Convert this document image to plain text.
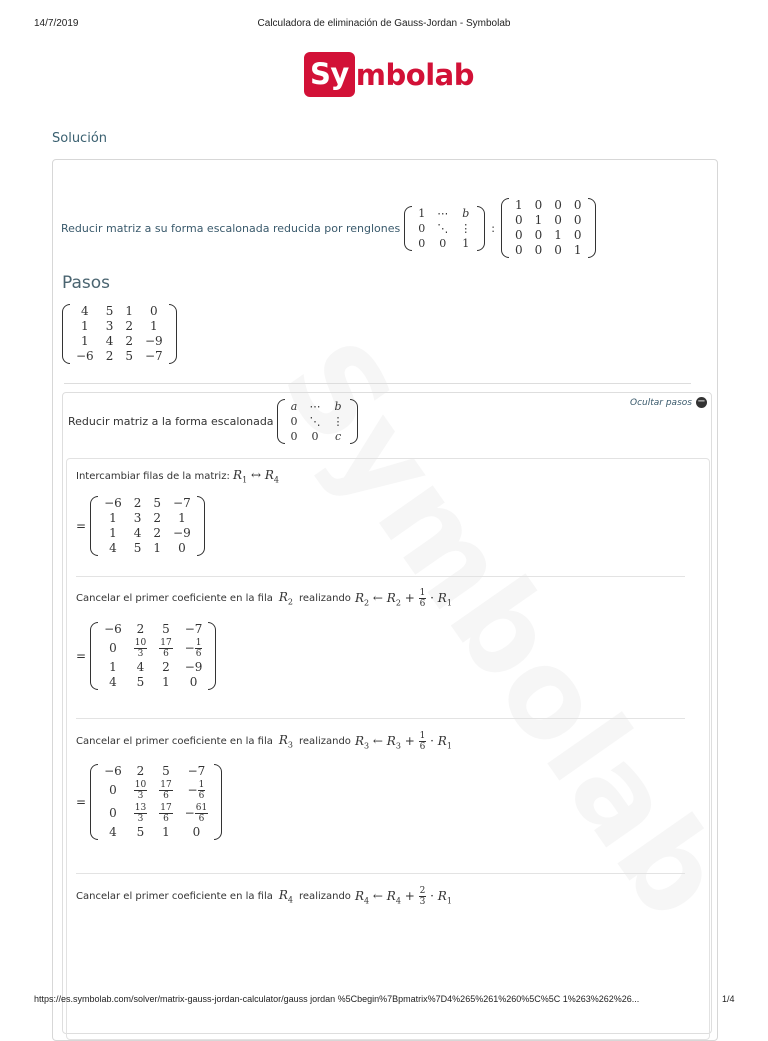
14/7/2019	Calculadora de eliminación de Gauss-Jordan - Symbolab
Sy mbolab
Solución
Reducir matriz a su forma escalonada reducida por renglones
1	⋯	b
0	⋱	⋮
0	0	1
:
1	0	0	0
0	1	0	0
0	0	1	0
0	0	0	1
Pasos
4	5	1	0
1	3	2	1
1	4	2	−9
−6	2	5	−7
Ocultar pasos −
Reducir matriz a la forma escalonada
a	⋯	b
0	⋱	⋮
0	0	c
Intercambiar filas de la matriz: $R_1$ ↔ $R_4$
=
−6	2	5	−7
1	3	2	1
1	4	2	−9
4	5	1	0
Cancelar el primer coeficiente en la fila $R_2$ realizando $R_2$ ← $R_2 + \frac{1}{6} \cdot R_1$
=
−6	2	5	−7
0	$\frac{10}{3}$	$\frac{17}{6}$	− $\frac{1}{6}$

1	4	2	−9
4	5	1	0
Cancelar el primer coeficiente en la fila $R_3$ realizando $R_3$ ← $R_3 + \frac{1}{6} \cdot R_1$
=
−6	2	5	−7
0	$\frac{10}{3}$	$\frac{17}{6}$	− $\frac{1}{6}$

0	$\frac{13}{3}$	$\frac{17}{6}$	− $\frac{61}{6}$

4	5	1	0
Cancelar el primer coeficiente en la fila $R_4$ realizando $R_4$ ← $R_4 + \frac{2}{3} \cdot R_1$
https://es.symbolab.com/solver/matrix-gauss-jordan-calculator/gauss jordan %5Cbegin%7Bpmatrix%7D4%265%261%260%5C%5C 1%263%262%26...	1/4
